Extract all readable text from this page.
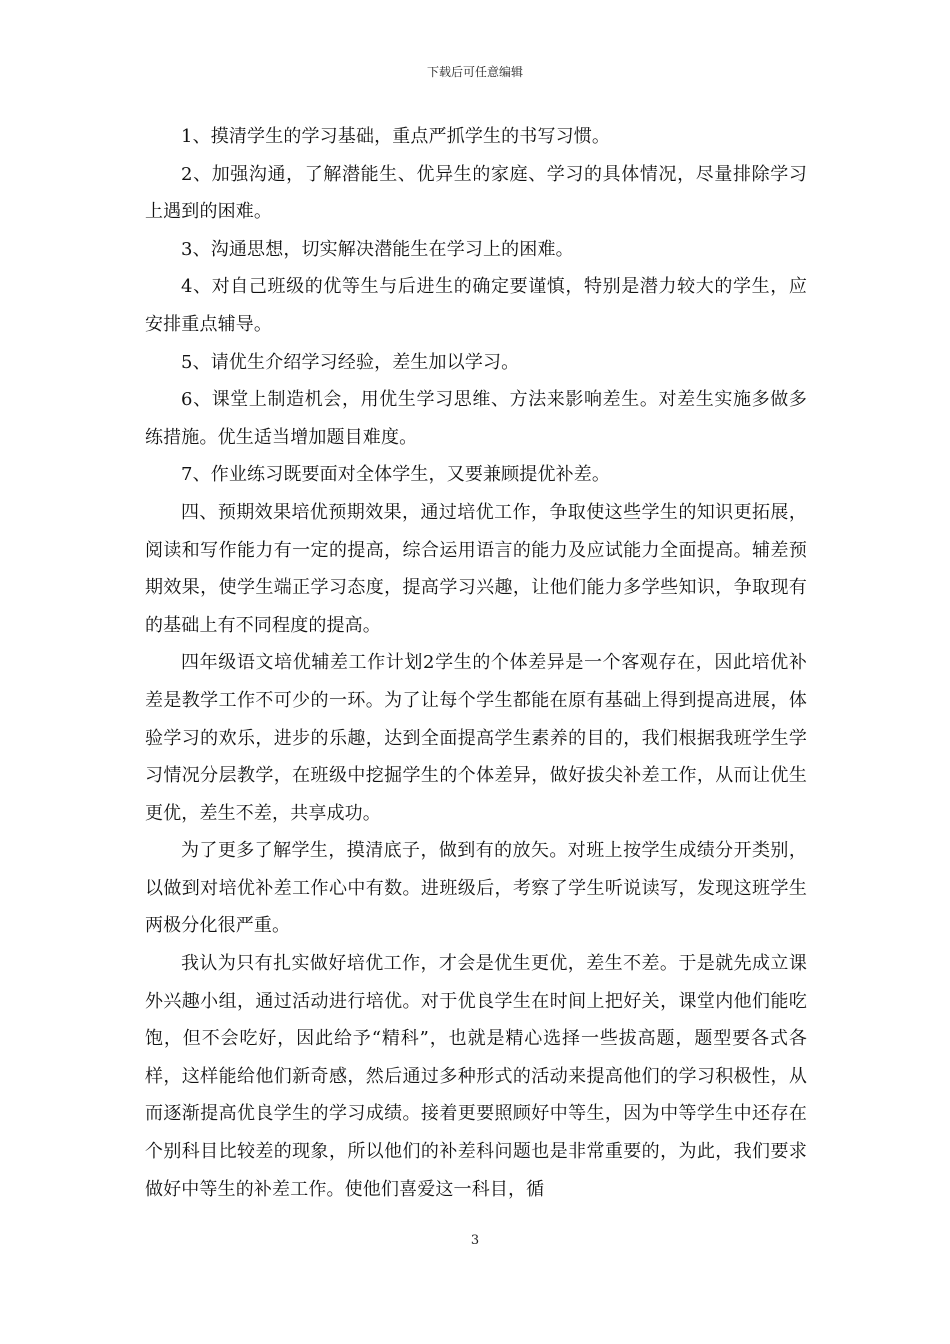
下载后可任意编辑

1、摸清学生的学习基础，重点严抓学生的书写习惯。

2、加强沟通，了解潜能生、优异生的家庭、学习的具体情况，尽量排除学习上遇到的困难。

3、沟通思想，切实解决潜能生在学习上的困难。

4、对自己班级的优等生与后进生的确定要谨慎，特别是潜力较大的学生，应安排重点辅导。

5、请优生介绍学习经验，差生加以学习。

6、课堂上制造机会，用优生学习思维、方法来影响差生。对差生实施多做多练措施。优生适当增加题目难度。

7、作业练习既要面对全体学生，又要兼顾提优补差。

四、预期效果培优预期效果，通过培优工作，争取使这些学生的知识更拓展，阅读和写作能力有一定的提高，综合运用语言的能力及应试能力全面提高。辅差预期效果，使学生端正学习态度，提高学习兴趣，让他们能力多学些知识，争取现有的基础上有不同程度的提高。

四年级语文培优辅差工作计划2学生的个体差异是一个客观存在，因此培优补差是教学工作不可少的一环。为了让每个学生都能在原有基础上得到提高进展，体验学习的欢乐，进步的乐趣，达到全面提高学生素养的目的，我们根据我班学生学习情况分层教学，在班级中挖掘学生的个体差异，做好拔尖补差工作，从而让优生更优，差生不差，共享成功。

为了更多了解学生，摸清底子，做到有的放矢。对班上按学生成绩分开类别，以做到对培优补差工作心中有数。进班级后，考察了学生听说读写，发现这班学生两极分化很严重。

我认为只有扎实做好培优工作，才会是优生更优，差生不差。于是就先成立课外兴趣小组，通过活动进行培优。对于优良学生在时间上把好关，课堂内他们能吃饱，但不会吃好，因此给予“精科”，也就是精心选择一些拔高题，题型要各式各样，这样能给他们新奇感，然后通过多种形式的活动来提高他们的学习积极性，从而逐渐提高优良学生的学习成绩。接着更要照顾好中等生，因为中等学生中还存在个别科目比较差的现象，所以他们的补差科问题也是非常重要的，为此，我们要求做好中等生的补差工作。使他们喜爱这一科目，循

3
